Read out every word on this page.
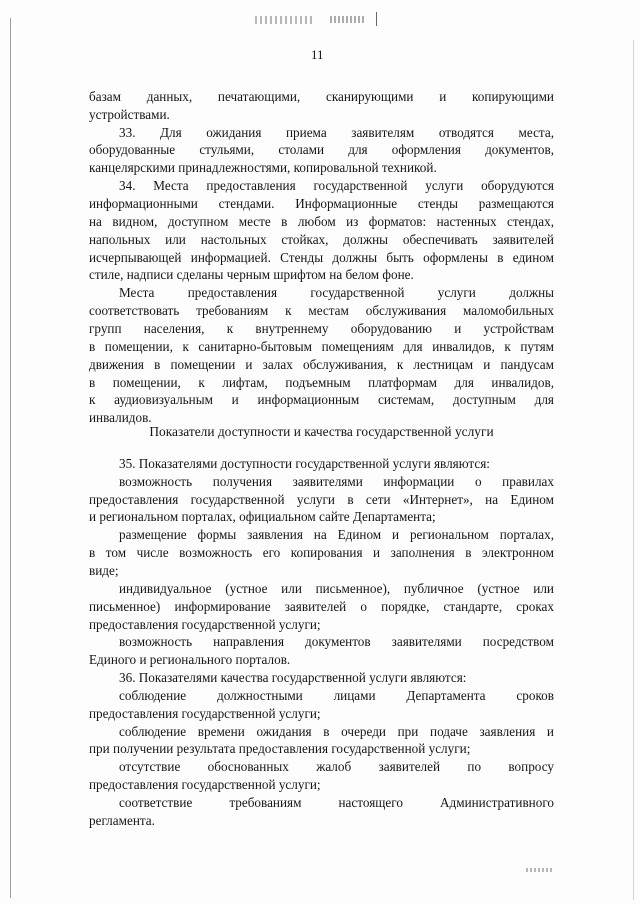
11
Показатели доступности и качества государственной услуги
базам данных, печатающими, сканирующими и копирующими
устройствами.
33. Для ожидания приема заявителям отводятся места,
оборудованные стульями, столами для оформления документов,
канцелярскими принадлежностями, копировальной техникой.
34. Места предоставления государственной услуги оборудуются
информационными стендами. Информационные стенды размещаются
на видном, доступном месте в любом из форматов: настенных стендах,
напольных или настольных стойках, должны обеспечивать заявителей
исчерпывающей информацией. Стенды должны быть оформлены в едином
стиле, надписи сделаны черным шрифтом на белом фоне.
Места предоставления государственной услуги должны
соответствовать требованиям к местам обслуживания маломобильных
групп населения, к внутреннему оборудованию и устройствам
в помещении, к санитарно-бытовым помещениям для инвалидов, к путям
движения в помещении и залах обслуживания, к лестницам и пандусам
в помещении, к лифтам, подъемным платформам для инвалидов,
к аудиовизуальным и информационным системам, доступным для
инвалидов.
35. Показателями доступности государственной услуги являются:
возможность получения заявителями информации о правилах
предоставления государственной услуги в сети «Интернет», на Едином
и региональном порталах, официальном сайте Департамента;
размещение формы заявления на Едином и региональном порталах,
в том числе возможность его копирования и заполнения в электронном
виде;
индивидуальное (устное или письменное), публичное (устное или
письменное) информирование заявителей о порядке, стандарте, сроках
предоставления государственной услуги;
возможность направления документов заявителями посредством
Единого и регионального порталов.
36. Показателями качества государственной услуги являются:
соблюдение должностными лицами Департамента сроков
предоставления государственной услуги;
соблюдение времени ожидания в очереди при подаче заявления и
при получении результата предоставления государственной услуги;
отсутствие обоснованных жалоб заявителей по вопросу
предоставления государственной услуги;
соответствие требованиям настоящего Административного
регламента.
